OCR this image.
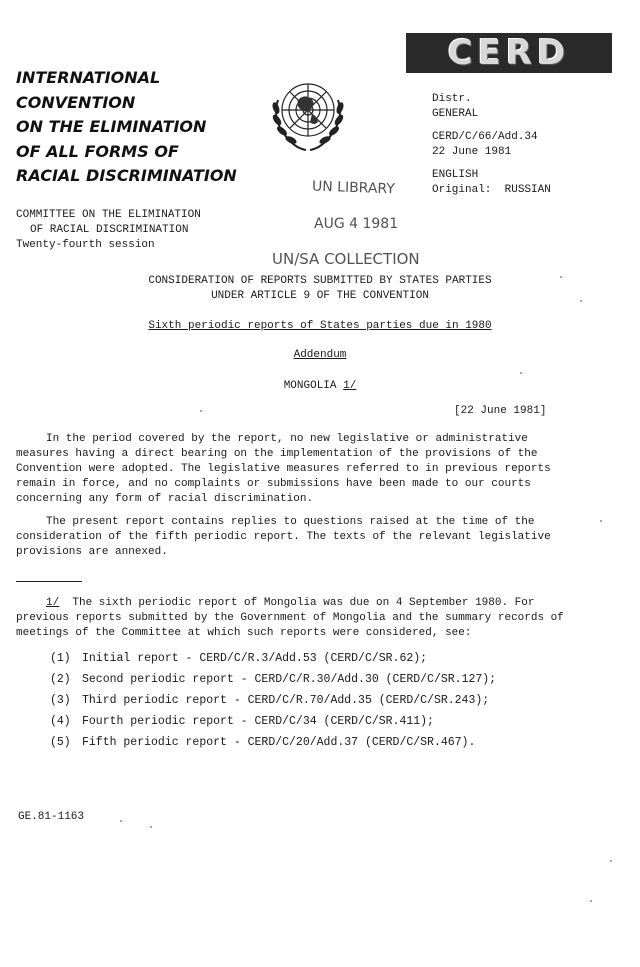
INTERNATIONAL
CONVENTION
ON THE ELIMINATION
OF ALL FORMS OF
RACIAL DISCRIMINATION
CERD
Distr.
GENERAL
CERD/C/66/Add.34
22 June 1981
ENGLISH
Original: RUSSIAN
UN LIBRARY
AUG 4 1981
UN/SA COLLECTION
COMMITTEE ON THE ELIMINATION
OF RACIAL DISCRIMINATION
Twenty-fourth session
CONSIDERATION OF REPORTS SUBMITTED BY STATES PARTIES
UNDER ARTICLE 9 OF THE CONVENTION
Sixth periodic reports of States parties due in 1980
Addendum
MONGOLIA 1/
[22 June 1981]
In the period covered by the report, no new legislative or administrative
measures having a direct bearing on the implementation of the provisions of the
Convention were adopted. The legislative measures referred to in previous reports
remain in force, and no complaints or submissions have been made to our courts
concerning any form of racial discrimination.
The present report contains replies to questions raised at the time of the
consideration of the fifth periodic report. The texts of the relevant legislative
provisions are annexed.
1/ The sixth periodic report of Mongolia was due on 4 September 1980. For
previous reports submitted by the Government of Mongolia and the summary records of
meetings of the Committee at which such reports were considered, see:
(1) Initial report - CERD/C/R.3/Add.53 (CERD/C/SR.62);
(2) Second periodic report - CERD/C/R.30/Add.30 (CERD/C/SR.127);
(3) Third periodic report - CERD/C/R.70/Add.35 (CERD/C/SR.243);
(4) Fourth periodic report - CERD/C/34 (CERD/C/SR.411);
(5) Fifth periodic report - CERD/C/20/Add.37 (CERD/C/SR.467).
GE.81-1163
